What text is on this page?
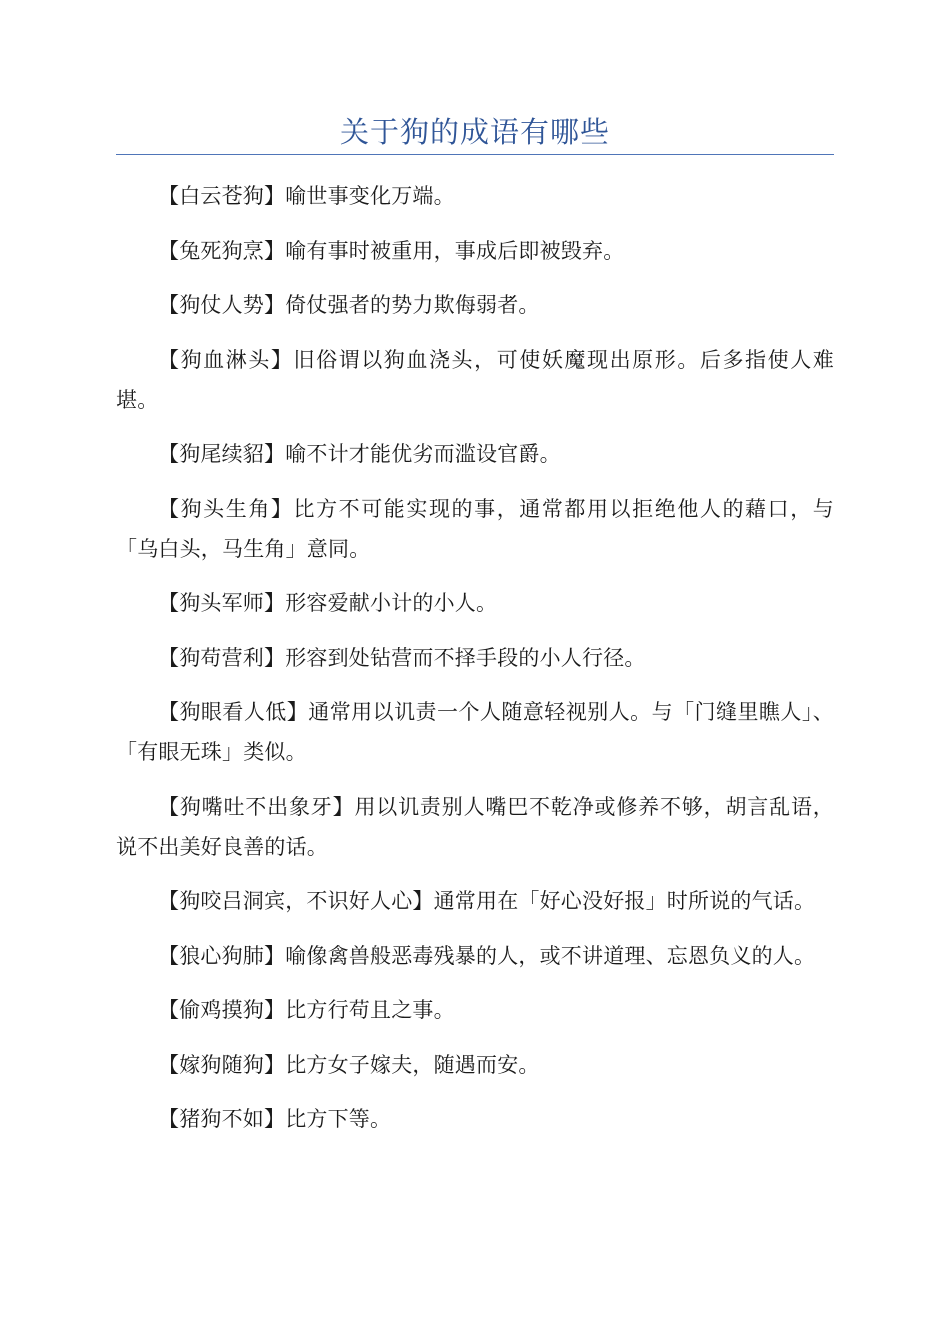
关于狗的成语有哪些

【白云苍狗】喻世事变化万端。

【兔死狗烹】喻有事时被重用，事成后即被毁弃。

【狗仗人势】倚仗强者的势力欺侮弱者。

【狗血淋头】旧俗谓以狗血浇头，可使妖魔现出原形。后多指使人难堪。

【狗尾续貂】喻不计才能优劣而滥设官爵。

【狗头生角】比方不可能实现的事，通常都用以拒绝他人的藉口，与「乌白头，马生角」意同。

【狗头军师】形容爱献小计的小人。

【狗苟营利】形容到处钻营而不择手段的小人行径。

【狗眼看人低】通常用以讥责一个人随意轻视别人。与「门缝里瞧人」、「有眼无珠」类似。

【狗嘴吐不出象牙】用以讥责别人嘴巴不乾净或修养不够，胡言乱语，说不出美好良善的话。

【狗咬吕洞宾，不识好人心】通常用在「好心没好报」时所说的气话。

【狼心狗肺】喻像禽兽般恶毒残暴的人，或不讲道理、忘恩负义的人。

【偷鸡摸狗】比方行苟且之事。

【嫁狗随狗】比方女子嫁夫，随遇而安。

【猪狗不如】比方下等。
